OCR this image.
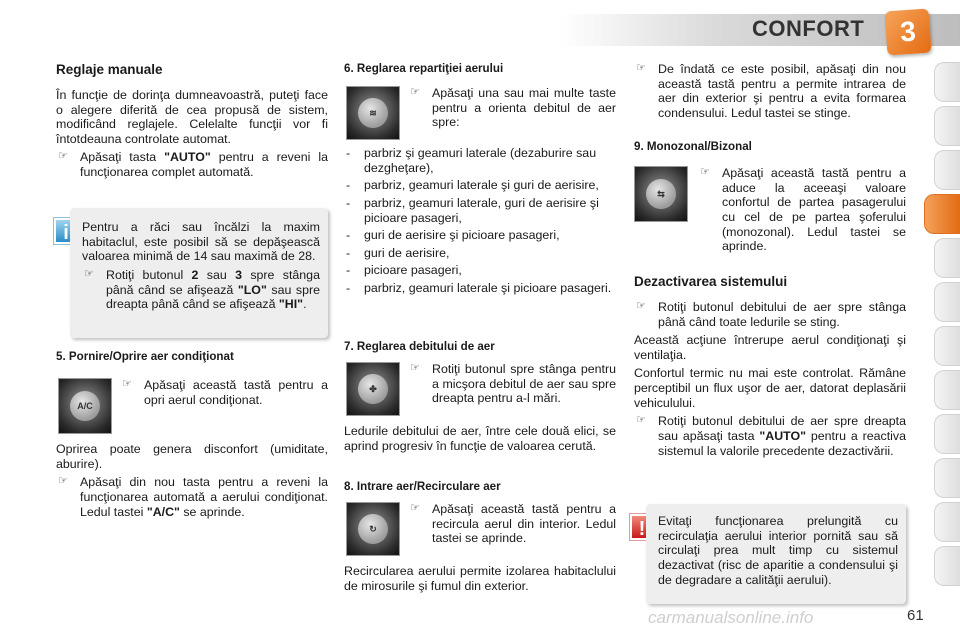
CONFORT	3
Reglaje manuale

În funcţie de dorinţa dumneavoastră, puteţi face o alegere diferită de cea propusă de sistem, modificând reglajele. Celelalte funcţii vor fi întotdeauna controlate automat.

☞ Apăsaţi tasta "AUTO" pentru a reveni la funcţionarea complet automată.
i	Pentru a răci sau încălzi la maxim habitaclul, este posibil să se depăşească valoarea minimă de 14 sau maximă de 28.

☞ Rotiţi butonul 2 sau 3 spre stânga până când se afişează "LO" sau spre dreapta până când se afişează "HI".
5. Pornire/Oprire aer condiţionat
A/C
☞ Apăsaţi această tastă pentru a opri aerul condiţionat.

Oprirea poate genera disconfort (umiditate, aburire).

☞ Apăsaţi din nou tasta pentru a reveni la funcţionarea automată a aerului condiţionat. Ledul tastei "A/C" se aprinde.
6. Reglarea repartiţiei aerului
≋
☞ Apăsaţi una sau mai multe taste pentru a orienta debitul de aer spre:
- parbriz şi geamuri laterale (dezaburire sau dezgheţare),
- parbriz, geamuri laterale şi guri de aerisire,
- parbriz, geamuri laterale, guri de aerisire şi picioare pasageri,
- guri de aerisire şi picioare pasageri,
- guri de aerisire,
- picioare pasageri,
- parbriz, geamuri laterale şi picioare pasageri.
7. Reglarea debitului de aer
✤
☞ Rotiţi butonul spre stânga pentru a micşora debitul de aer sau spre dreapta pentru a-l mări.

Ledurile debitului de aer, între cele două elici, se aprind progresiv în funcţie de valoarea cerută.

8. Intrare aer/Recirculare aer
↻
☞ Apăsaţi această tastă pentru a recircula aerul din interior. Ledul tastei se aprinde.

Recircularea aerului permite izolarea habitaclului de mirosurile şi fumul din exterior.

☞ De îndată ce este posibil, apăsaţi din nou această tastă pentru a permite intrarea de aer din exterior şi pentru a evita formarea condensului. Ledul tastei se stinge.
9. Monozonal/Bizonal
⇆
☞ Apăsaţi această tastă pentru a aduce la aceeaşi valoare confortul de partea pasagerului cu cel de pe partea şoferului (monozonal). Ledul tastei se aprinde.
Dezactivarea sistemului
☞ Rotiţi butonul debitului de aer spre stânga până când toate ledurile se sting.

Această acţiune întrerupe aerul condiţionaţi şi ventilaţia.

Confortul termic nu mai este controlat. Rămâne perceptibil un flux uşor de aer, datorat deplasării vehiculului.

☞ Rotiţi butonul debitului de aer spre dreapta sau apăsaţi tasta "AUTO" pentru a reactiva sistemul la valorile precedente dezactivării.
!	Evitaţi funcţionarea prelungită cu recirculaţia aerului interior pornită sau să circulaţi prea mult timp cu sistemul dezactivat (risc de aparitie a condensului şi de degradare a calităţii aerului).

carmanualsonline.info	61
